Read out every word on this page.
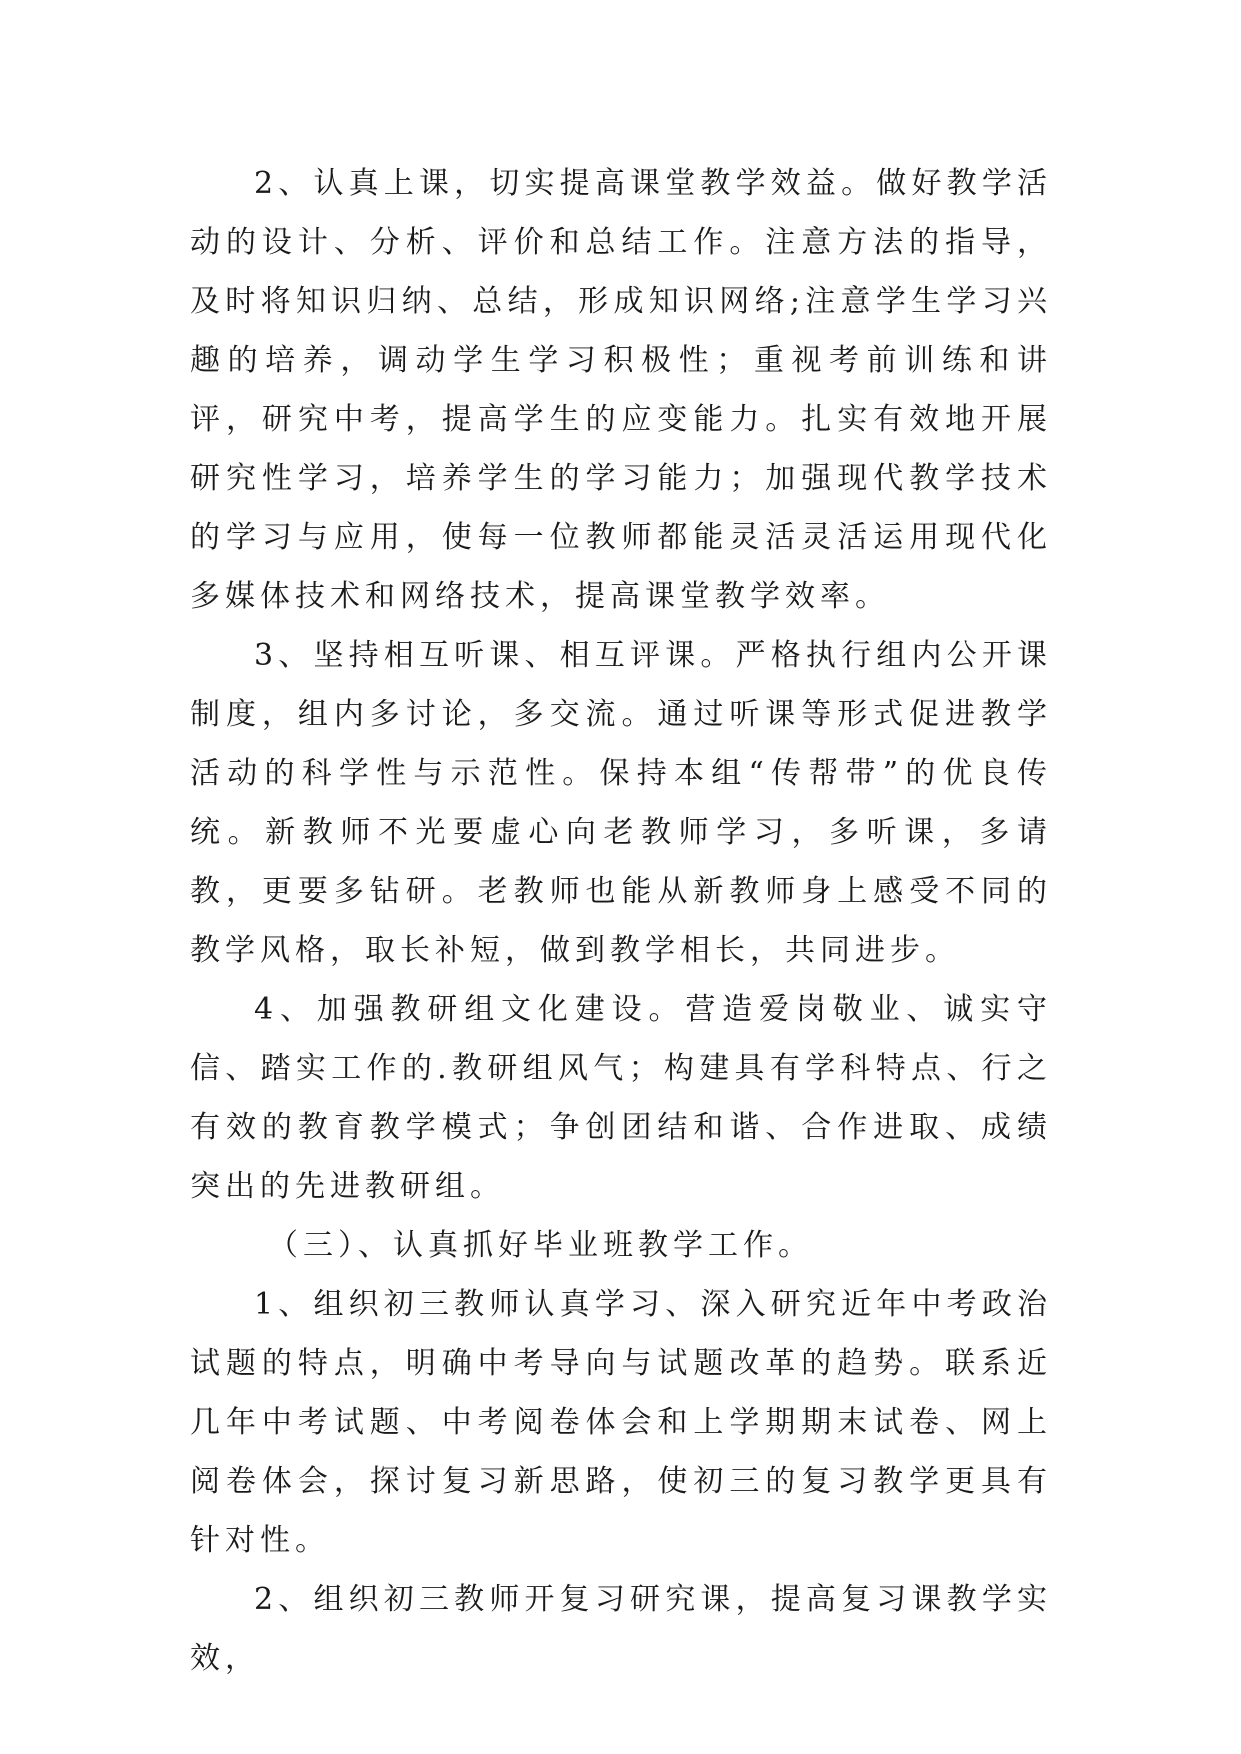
2、认真上课，切实提高课堂教学效益。做好教学活动的设计、分析、评价和总结工作。注意方法的指导，及时将知识归纳、总结，形成知识网络;注意学生学习兴趣的培养，调动学生学习积极性；重视考前训练和讲评，研究中考，提高学生的应变能力。扎实有效地开展研究性学习，培养学生的学习能力；加强现代教学技术的学习与应用，使每一位教师都能灵活灵活运用现代化多媒体技术和网络技术，提高课堂教学效率。

3、坚持相互听课、相互评课。严格执行组内公开课制度，组内多讨论，多交流。通过听课等形式促进教学活动的科学性与示范性。保持本组“传帮带”的优良传统。新教师不光要虚心向老教师学习，多听课，多请教，更要多钻研。老教师也能从新教师身上感受不同的教学风格，取长补短，做到教学相长，共同进步。

4、加强教研组文化建设。营造爱岗敬业、诚实守信、踏实工作的.教研组风气；构建具有学科特点、行之有效的教育教学模式；争创团结和谐、合作进取、成绩突出的先进教研组。

（三）、认真抓好毕业班教学工作。

1、组织初三教师认真学习、深入研究近年中考政治试题的特点，明确中考导向与试题改革的趋势。联系近几年中考试题、中考阅卷体会和上学期期末试卷、网上阅卷体会，探讨复习新思路，使初三的复习教学更具有针对性。

2、组织初三教师开复习研究课，提高复习课教学实效，
